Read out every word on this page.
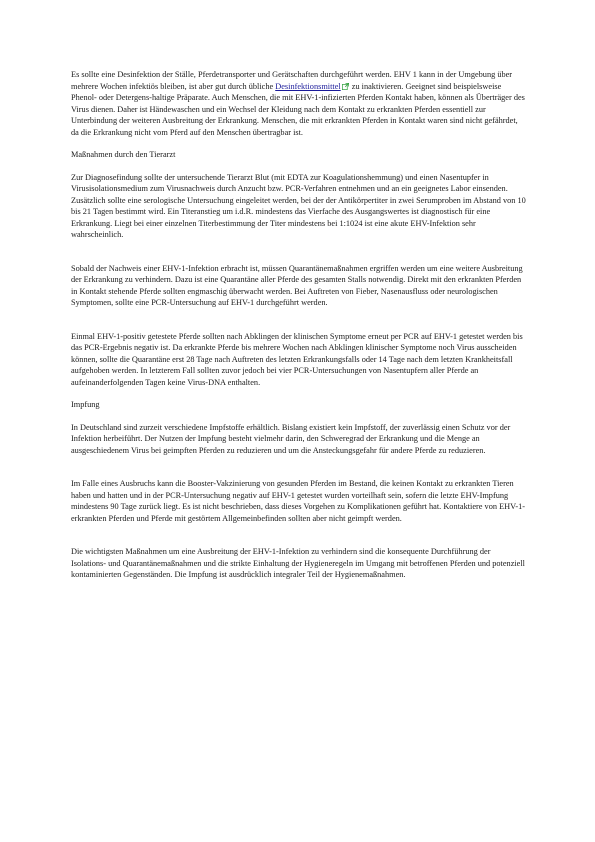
Es sollte eine Desinfektion der Ställe, Pferdetransporter und Gerätschaften durchgeführt werden. EHV 1 kann in der Umgebung über mehrere Wochen infektiös bleiben, ist aber gut durch übliche Desinfektionsmittel zu inaktivieren. Geeignet sind beispielsweise Phenol- oder Detergens-haltige Präparate. Auch Menschen, die mit EHV-1-infizierten Pferden Kontakt haben, können als Überträger des Virus dienen. Daher ist Händewaschen und ein Wechsel der Kleidung nach dem Kontakt zu erkrankten Pferden essentiell zur Unterbindung der weiteren Ausbreitung der Erkrankung. Menschen, die mit erkrankten Pferden in Kontakt waren sind nicht gefährdet, da die Erkrankung nicht vom Pferd auf den Menschen übertragbar ist.

Maßnahmen durch den Tierarzt

Zur Diagnosefindung sollte der untersuchende Tierarzt Blut (mit EDTA zur Koagulationshemmung) und einen Nasentupfer in Virusisolationsmedium zum Virusnachweis durch Anzucht bzw. PCR-Verfahren entnehmen und an ein geeignetes Labor einsenden. Zusätzlich sollte eine serologische Untersuchung eingeleitet werden, bei der der Antikörpertiter in zwei Serumproben im Abstand von 10 bis 21 Tagen bestimmt wird. Ein Titeranstieg um i.d.R. mindestens das Vierfache des Ausgangswertes ist diagnostisch für eine Erkrankung. Liegt bei einer einzelnen Titerbestimmung der Titer mindestens bei 1:1024 ist eine akute EHV-Infektion sehr wahrscheinlich.

Sobald der Nachweis einer EHV-1-Infektion erbracht ist, müssen Quarantänemaßnahmen ergriffen werden um eine weitere Ausbreitung der Erkrankung zu verhindern. Dazu ist eine Quarantäne aller Pferde des gesamten Stalls notwendig. Direkt mit den erkrankten Pferden in Kontakt stehende Pferde sollten engmaschig überwacht werden. Bei Auftreten von Fieber, Nasenausfluss oder neurologischen Symptomen, sollte eine PCR-Untersuchung auf EHV-1 durchgeführt werden.

Einmal EHV-1-positiv getestete Pferde sollten nach Abklingen der klinischen Symptome erneut per PCR auf EHV-1 getestet werden bis das PCR-Ergebnis negativ ist. Da erkrankte Pferde bis mehrere Wochen nach Abklingen klinischer Symptome noch Virus ausscheiden können, sollte die Quarantäne erst 28 Tage nach Auftreten des letzten Erkrankungsfalls oder 14 Tage nach dem letzten Krankheitsfall aufgehoben werden. In letzterem Fall sollten zuvor jedoch bei vier PCR-Untersuchungen von Nasentupfern aller Pferde an aufeinanderfolgenden Tagen keine Virus-DNA enthalten.

Impfung

In Deutschland sind zurzeit verschiedene Impfstoffe erhältlich. Bislang existiert kein Impfstoff, der zuverlässig einen Schutz vor der Infektion herbeiführt. Der Nutzen der Impfung besteht vielmehr darin, den Schweregrad der Erkrankung und die Menge an ausgeschiedenem Virus bei geimpften Pferden zu reduzieren und um die Ansteckungsgefahr für andere Pferde zu reduzieren.

Im Falle eines Ausbruchs kann die Booster-Vakzinierung von gesunden Pferden im Bestand, die keinen Kontakt zu erkrankten Tieren haben und hatten und in der PCR-Untersuchung negativ auf EHV-1 getestet wurden vorteilhaft sein, sofern die letzte EHV-Impfung mindestens 90 Tage zurück liegt. Es ist nicht beschrieben, dass dieses Vorgehen zu Komplikationen geführt hat. Kontaktiere von EHV-1-erkrankten Pferden und Pferde mit gestörtem Allgemeinbefinden sollten aber nicht geimpft werden.

Die wichtigsten Maßnahmen um eine Ausbreitung der EHV-1-Infektion zu verhindern sind die konsequente Durchführung der Isolations- und Quarantänemaßnahmen und die strikte Einhaltung der Hygieneregeln im Umgang mit betroffenen Pferden und potenziell kontaminierten Gegenständen. Die Impfung ist ausdrücklich integraler Teil der Hygienemaßnahmen.
